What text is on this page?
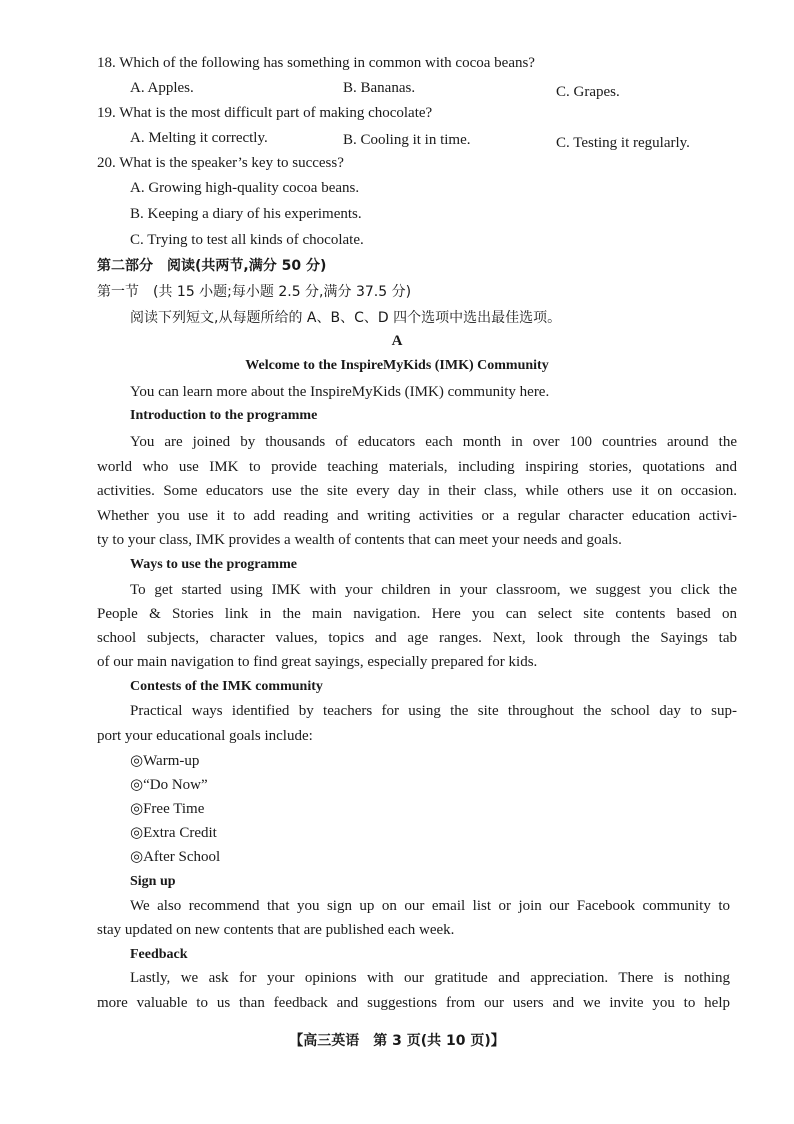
18. Which of the following has something in common with cocoa beans?
A. Apples.	B. Bananas.	C. Grapes.
19. What is the most difficult part of making chocolate?
A. Melting it correctly.	B. Cooling it in time.	C. Testing it regularly.
20. What is the speaker’s key to success?
A. Growing high-quality cocoa beans.
B. Keeping a diary of his experiments.
C. Trying to test all kinds of chocolate.
第二部分　阅读(共两节,满分 50 分)
第一节　(共 15 小题;每小题 2.5 分,满分 37.5 分)
阅读下列短文,从每题所给的 A、B、C、D 四个选项中选出最佳选项。
A
Welcome to the InspireMyKids (IMK) Community
You can learn more about the InspireMyKids (IMK) community here.
Introduction to the programme
You are joined by thousands of educators each month in over 100 countries around the
world who use IMK to provide teaching materials, including inspiring stories, quotations and
activities. Some educators use the site every day in their class, while others use it on occasion.
Whether you use it to add reading and writing activities or a regular character education activi-
ty to your class, IMK provides a wealth of contents that can meet your needs and goals.
Ways to use the programme
To get started using IMK with your children in your classroom, we suggest you click the
People & Stories link in the main navigation. Here you can select site contents based on
school subjects, character values, topics and age ranges. Next, look through the Sayings tab
of our main navigation to find great sayings, especially prepared for kids.
Contests of the IMK community
Practical ways identified by teachers for using the site throughout the school day to sup-
port your educational goals include:
◎Warm-up
◎“Do Now”
◎Free Time
◎Extra Credit
◎After School
Sign up
We also recommend that you sign up on our email list or join our Facebook community to
stay updated on new contents that are published each week.
Feedback
Lastly, we ask for your opinions with our gratitude and appreciation. There is nothing
more valuable to us than feedback and suggestions from our users and we invite you to help
【高三英语　第 3 页(共 10 页)】
